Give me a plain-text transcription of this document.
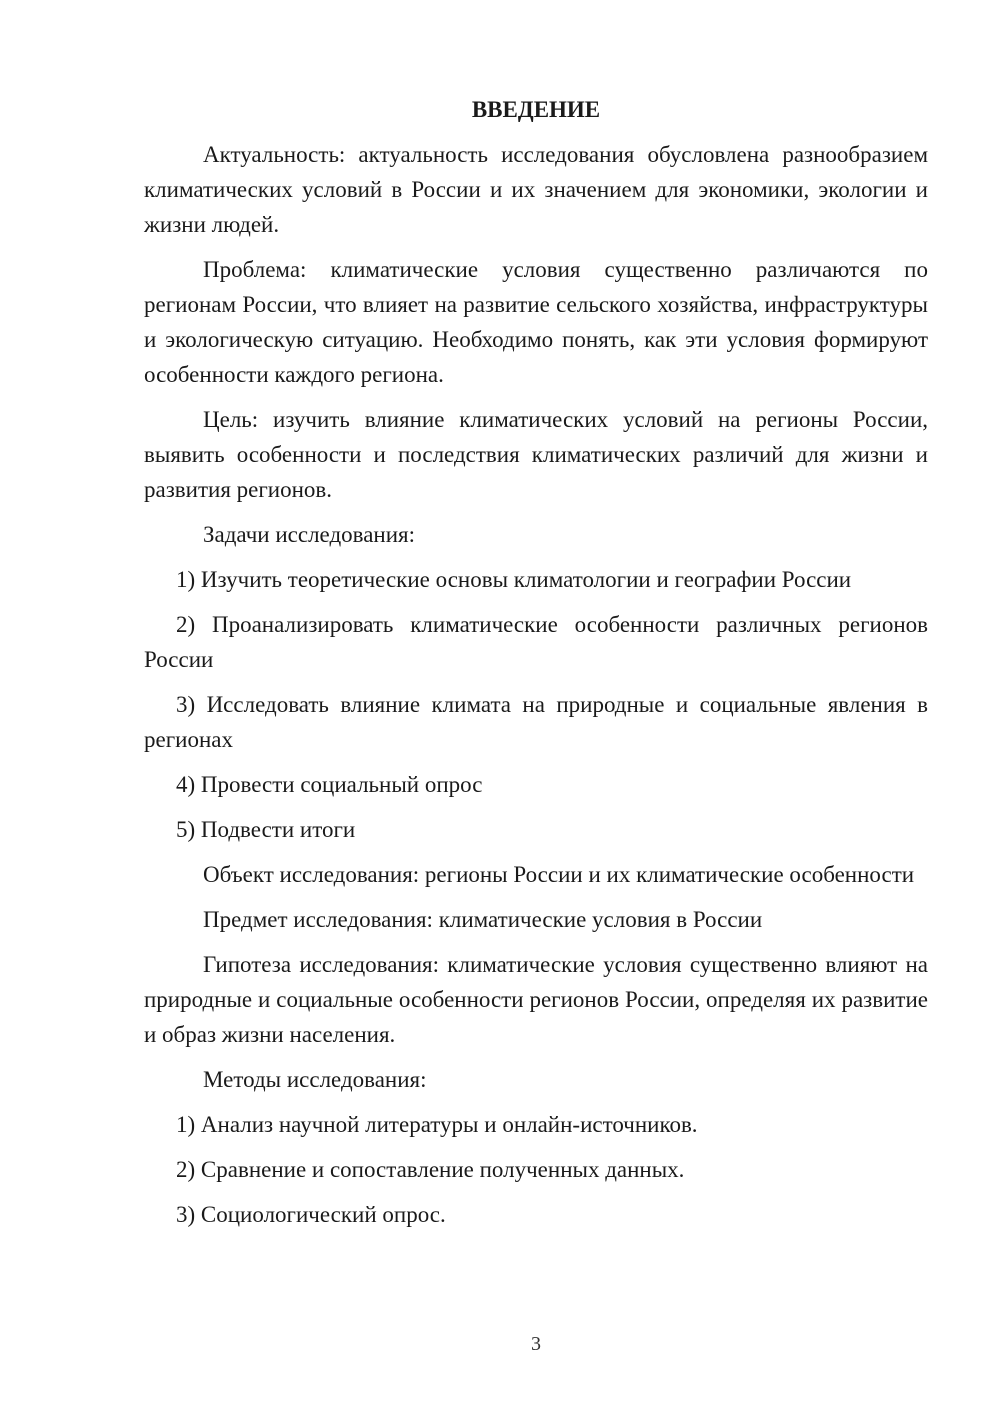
ВВЕДЕНИЕ

Актуальность: актуальность исследования обусловлена разнообразием климатических условий в России и их значением для экономики, экологии и жизни людей.

Проблема: климатические условия существенно различаются по регионам России, что влияет на развитие сельского хозяйства, инфраструктуры и экологическую ситуацию. Необходимо понять, как эти условия формируют особенности каждого региона.

Цель: изучить влияние климатических условий на регионы России, выявить особенности и последствия климатических различий для жизни и развития регионов.

Задачи исследования:

1) Изучить теоретические основы климатологии и географии России

2) Проанализировать климатические особенности различных регионов России

3) Исследовать влияние климата на природные и социальные явления в регионах

4) Провести социальный опрос

5) Подвести итоги

Объект исследования: регионы России и их климатические особенности

Предмет исследования: климатические условия в России

Гипотеза исследования: климатические условия существенно влияют на природные и социальные особенности регионов России, определяя их развитие и образ жизни населения.

Методы исследования:

1) Анализ научной литературы и онлайн-источников.

2) Сравнение и сопоставление полученных данных.

3) Социологический опрос.

3
